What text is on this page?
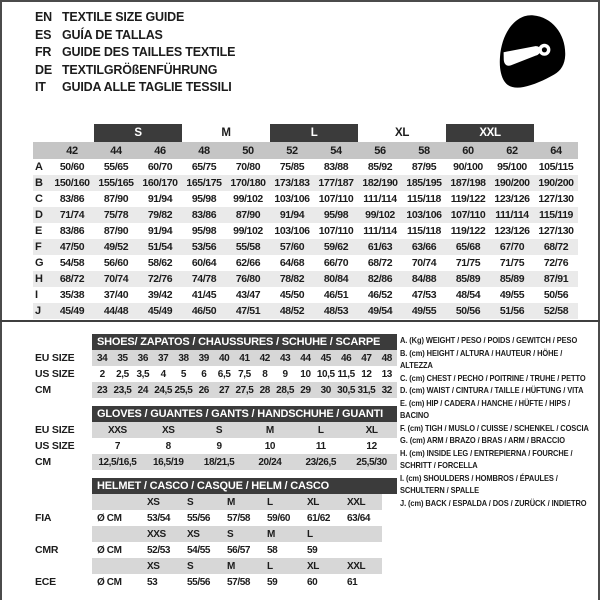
EN TEXTILE SIZE GUIDE
ES GUÍA DE TALLAS
FR GUIDE DES TAILLES TEXTILE
DE TEXTILGRÖßENFÜHRUNG
IT GUIDA ALLE TAGLIE TESSILI
		S		M		L		XL		XXL		
	42	44	46	48	50	52	54	56	58	60	62	64
A	50/60	55/65	60/70	65/75	70/80	75/85	83/88	85/92	87/95	90/100	95/100	105/115
B	150/160	155/165	160/170	165/175	170/180	173/183	177/187	182/190	185/195	187/198	190/200	190/200
C	83/86	87/90	91/94	95/98	99/102	103/106	107/110	111/114	115/118	119/122	123/126	127/130
D	71/74	75/78	79/82	83/86	87/90	91/94	95/98	99/102	103/106	107/110	111/114	115/119
E	83/86	87/90	91/94	95/98	99/102	103/106	107/110	111/114	115/118	119/122	123/126	127/130
F	47/50	49/52	51/54	53/56	55/58	57/60	59/62	61/63	63/66	65/68	67/70	68/72
G	54/58	56/60	58/62	60/64	62/66	64/68	66/70	68/72	70/74	71/75	71/75	72/76
H	68/72	70/74	72/76	74/78	76/80	78/82	80/84	82/86	84/88	85/89	85/89	87/91
I	35/38	37/40	39/42	41/45	43/47	45/50	46/51	46/52	47/53	48/54	49/55	50/56
J	45/49	44/48	45/49	46/50	47/51	48/52	48/53	49/54	49/55	50/56	51/56	52/58
	SHOES/ ZAPATOS / CHAUSSURES / SCHUHE / SCARPE														
EU SIZE	34	35	36	37	38	39	40	41	42	43	44	45	46	47	48
US SIZE	2	2,5	3,5	4	5	6	6,5	7,5	8	9	10	10,5	11,5	12	13
CM	23	23,5	24	24,5	25,5	26	27	27,5	28	28,5	29	30	30,5	31,5	32
	GLOVES / GUANTES / GANTS / HANDSCHUHE / GUANTI					
EU SIZE	XXS	XS	S	M	L	XL
US SIZE	7	8	9	10	11	12
CM	12,5/16,5	16,5/19	18/21,5	20/24	23/26,5	25,5/30
	HELMET / CASCO / CASQUE / HELM / CASCO							
		XS	S	M	L	XL	XXL	
FIA	Ø CM	53/54	55/56	57/58	59/60	61/62	63/64	
		XXS	XS	S	M	L		
CMR	Ø CM	52/53	54/55	56/57	58	59		
		XS	S	M	L	XL	XXL	
ECE	Ø CM	53	55/56	57/58	59	60	61	
A. (Kg) WEIGHT / PESO / POIDS / GEWITCH / PESO
B. (cm) HEIGHT / ALTURA / HAUTEUR / HÖHE / ALTEZZA
C. (cm) CHEST / PECHO / POITRINE / TRUHE / PETTO
D. (cm) WAIST / CINTURA / TAILLE / HÜFTUNG / VITA
E. (cm) HIP / CADERA / HANCHE / HÜFTE / HIPS / BACINO
F. (cm) TIGH / MUSLO / CUISSE / SCHENKEL / COSCIA
G. (cm) ARM / BRAZO / BRAS / ARM / BRACCIO
H. (cm) INSIDE LEG / ENTREPIERNA / FOURCHE / SCHRITT / FORCELLA
I. (cm) SHOULDERS / HOMBROS / ÉPAULES / SCHULTERN / SPALLE
J. (cm) BACK / ESPALDA / DOS / ZURÜCK / INDIETRO
